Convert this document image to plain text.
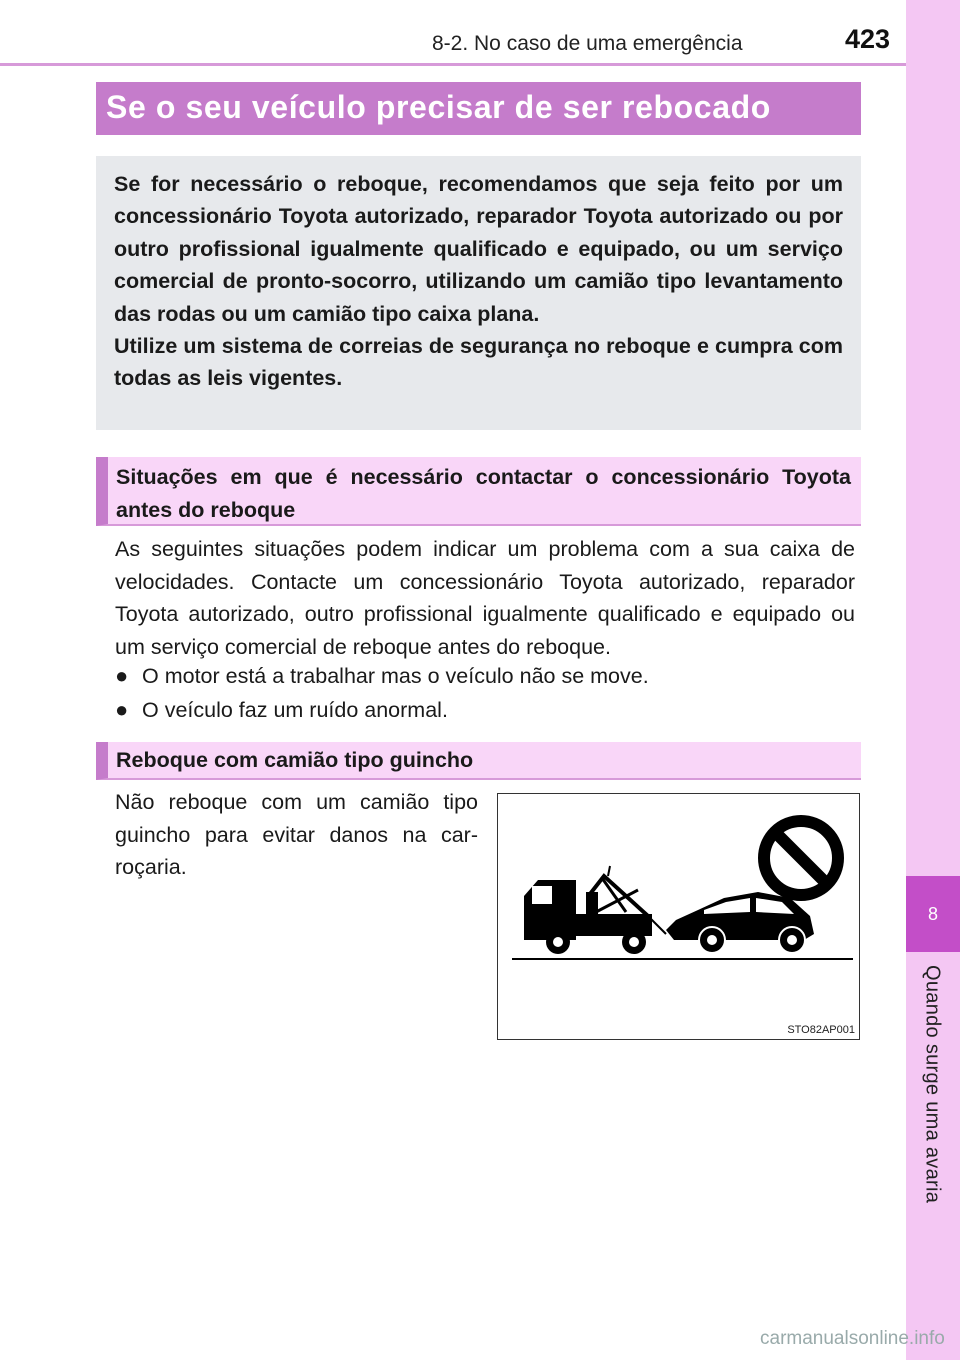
8-2. No caso de uma emergência	423
8
Quando surge uma avaria
Se o seu veículo precisar de ser rebocado

Se for necessário o reboque, recomendamos que seja feito por um concessionário Toyota autorizado, reparador Toyota autorizado ou por outro profissional igualmente qualificado e equipado, ou um serviço comercial de pronto-socorro, utilizando um camião tipo levantamento das rodas ou um camião tipo caixa plana.

Utilize um sistema de correias de segurança no reboque e cumpra com todas as leis vigentes.

Situações em que é necessário contactar o concessionário Toyota antes do reboque

As seguintes situações podem indicar um problema com a sua caixa de velocidades. Contacte um concessionário Toyota autorizado, reparador Toyota autorizado, outro profissional igualmente qualificado e equipado ou um serviço comercial de reboque antes do reboque.

● O motor está a trabalhar mas o veículo não se move.
● O veículo faz um ruído anormal.
Reboque com camião tipo guincho

Não reboque com um camião tipo guincho para evitar danos na carroçaria.

STO82AP001
carmanualsonline.info
